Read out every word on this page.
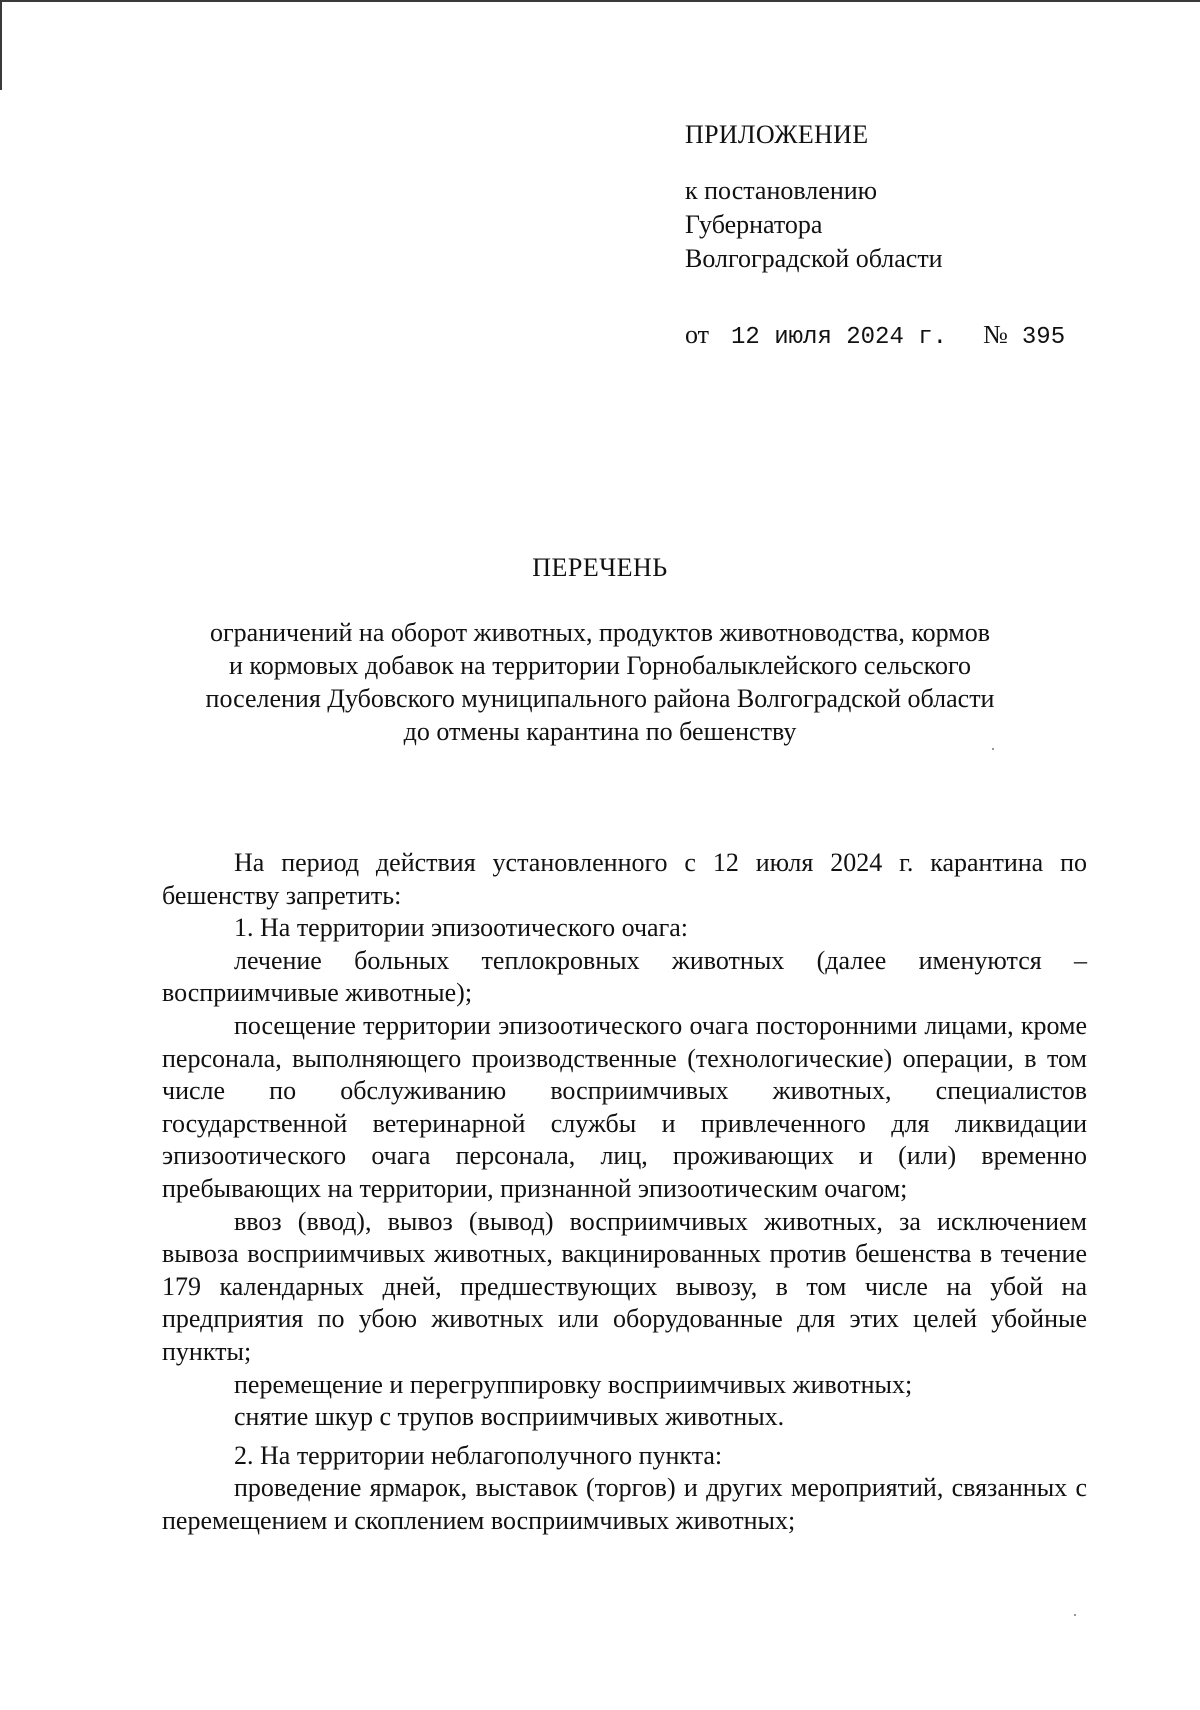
ПРИЛОЖЕНИЕ
к постановлению
Губернатора
Волгоградской области
от 12 июля 2024 г. № 395
ПЕРЕЧЕНЬ
ограничений на оборот животных, продуктов животноводства, кормов
и кормовых добавок на территории Горнобалыклейского сельского
поселения Дубовского муниципального района Волгоградской области
до отмены карантина по бешенству

На период действия установленного с 12 июля 2024 г. карантина по бешенству запретить:

1. На территории эпизоотического очага:

лечение больных теплокровных животных (далее именуются – восприимчивые животные);

посещение территории эпизоотического очага посторонними лицами, кроме персонала, выполняющего производственные (технологические) операции, в том числе по обслуживанию восприимчивых животных, специалистов государственной ветеринарной службы и привлеченного для ликвидации эпизоотического очага персонала, лиц, проживающих и (или) временно пребывающих на территории, признанной эпизоотическим очагом;

ввоз (ввод), вывоз (вывод) восприимчивых животных, за исключением вывоза восприимчивых животных, вакцинированных против бешенства в течение 179 календарных дней, предшествующих вывозу, в том числе на убой на предприятия по убою животных или оборудованные для этих целей убойные пункты;

перемещение и перегруппировку восприимчивых животных;

снятие шкур с трупов восприимчивых животных.

2. На территории неблагополучного пункта:

проведение ярмарок, выставок (торгов) и других мероприятий, связанных с перемещением и скоплением восприимчивых животных;
